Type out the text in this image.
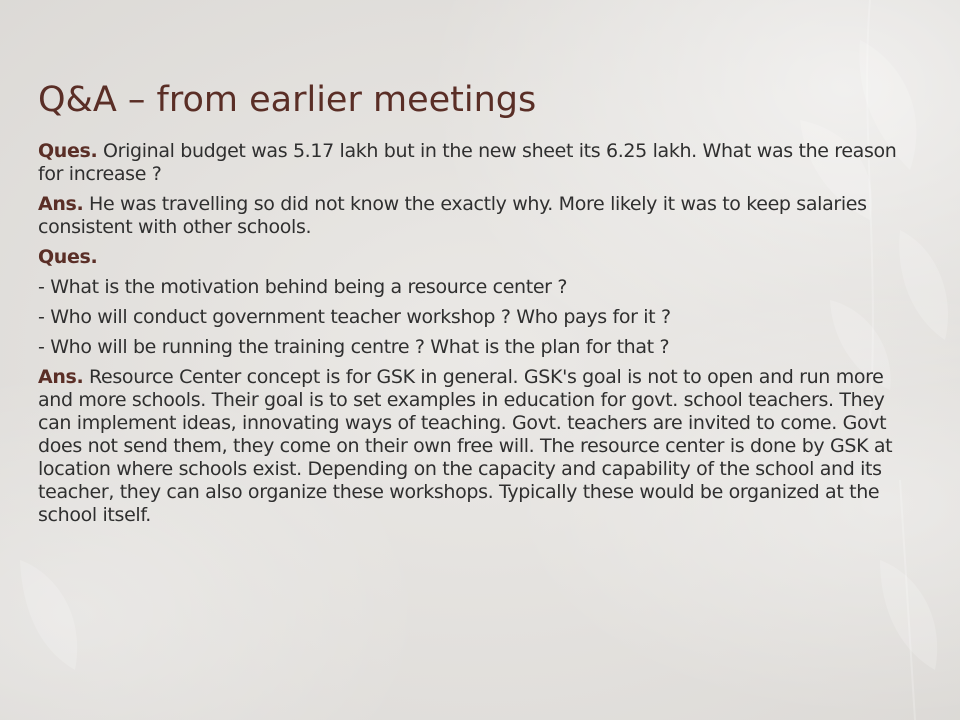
Q&A – from earlier meetings

Ques. Original budget was 5.17 lakh but in the new sheet its 6.25 lakh. What was the reason for increase ?

Ans. He was travelling so did not know the exactly why. More likely it was to keep salaries consistent with other schools.

Ques.

- What is the motivation behind being a resource center ?

- Who will conduct government teacher workshop ? Who pays for it ?

- Who will be running the training centre ? What is the plan for that ?

Ans. Resource Center concept is for GSK in general. GSK's goal is not to open and run more and more schools. Their goal is to set examples in education for govt. school teachers. They can implement ideas, innovating ways of teaching. Govt. teachers are invited to come. Govt does not send them, they come on their own free will. The resource center is done by GSK at location where schools exist. Depending on the capacity and capability of the school and its teacher, they can also organize these workshops. Typically these would be organized at the school itself.
